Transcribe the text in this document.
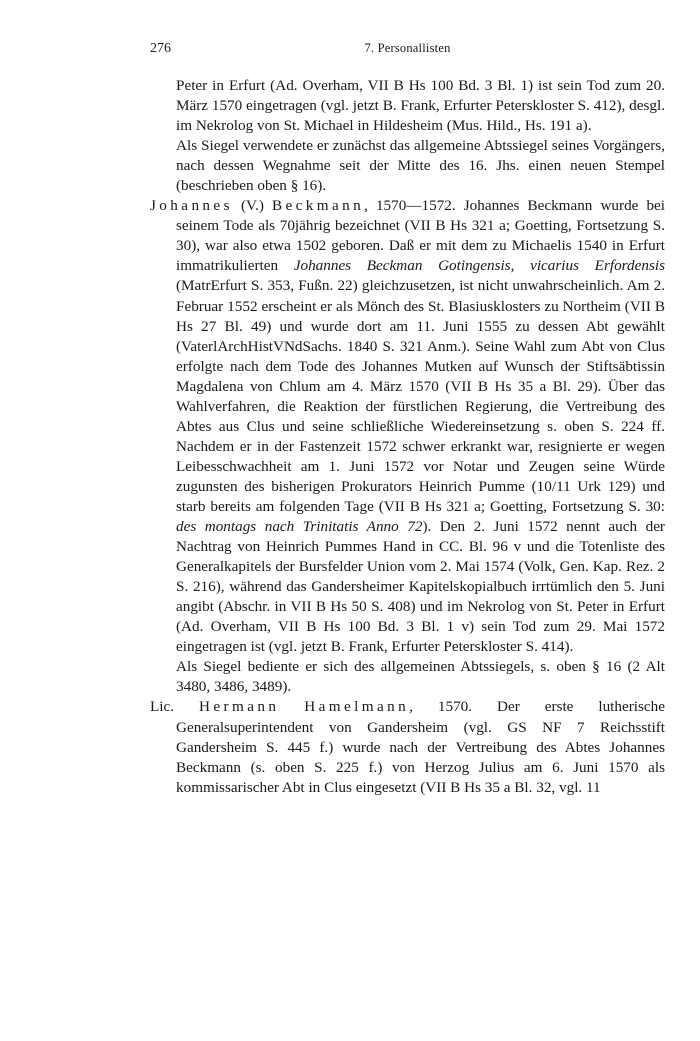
276	7. Personallisten

Peter in Erfurt (Ad. Overham, VII B Hs 100 Bd. 3 Bl. 1) ist sein Tod zum 20. März 1570 eingetragen (vgl. jetzt B. Frank, Erfurter Peterskloster S. 412), desgl. im Nekrolog von St. Michael in Hildesheim (Mus. Hild., Hs. 191 a).

Als Siegel verwendete er zunächst das allgemeine Abtssiegel seines Vorgängers, nach dessen Wegnahme seit der Mitte des 16. Jhs. einen neuen Stempel (beschrieben oben § 16).

Johannes (V.) Beckmann, 1570—1572. Johannes Beckmann wurde bei seinem Tode als 70jährig bezeichnet (VII B Hs 321 a; Goetting, Fortsetzung S. 30), war also etwa 1502 geboren. Daß er mit dem zu Michaelis 1540 in Erfurt immatrikulierten Johannes Beckman Gotingensis, vicarius Erfordensis (MatrErfurt S. 353, Fußn. 22) gleichzusetzen, ist nicht unwahrscheinlich. Am 2. Februar 1552 erscheint er als Mönch des St. Blasiusklosters zu Northeim (VII B Hs 27 Bl. 49) und wurde dort am 11. Juni 1555 zu dessen Abt gewählt (VaterlArchHistVNdSachs. 1840 S. 321 Anm.). Seine Wahl zum Abt von Clus erfolgte nach dem Tode des Johannes Mutken auf Wunsch der Stiftsäbtissin Magdalena von Chlum am 4. März 1570 (VII B Hs 35 a Bl. 29). Über das Wahlverfahren, die Reaktion der fürstlichen Regierung, die Vertreibung des Abtes aus Clus und seine schließliche Wiedereinsetzung s. oben S. 224 ff. Nachdem er in der Fastenzeit 1572 schwer erkrankt war, resignierte er wegen Leibesschwachheit am 1. Juni 1572 vor Notar und Zeugen seine Würde zugunsten des bisherigen Prokurators Heinrich Pumme (10/11 Urk 129) und starb bereits am folgenden Tage (VII B Hs 321 a; Goetting, Fortsetzung S. 30: des montags nach Trinitatis Anno 72). Den 2. Juni 1572 nennt auch der Nachtrag von Heinrich Pummes Hand in CC. Bl. 96 v und die Totenliste des Generalkapitels der Bursfelder Union vom 2. Mai 1574 (Volk, Gen. Kap. Rez. 2 S. 216), während das Gandersheimer Kapitelskopialbuch irrtümlich den 5. Juni angibt (Abschr. in VII B Hs 50 S. 408) und im Nekrolog von St. Peter in Erfurt (Ad. Overham, VII B Hs 100 Bd. 3 Bl. 1 v) sein Tod zum 29. Mai 1572 eingetragen ist (vgl. jetzt B. Frank, Erfurter Peterskloster S. 414).

Als Siegel bediente er sich des allgemeinen Abtssiegels, s. oben § 16 (2 Alt 3480, 3486, 3489).

Lic. Hermann Hamelmann, 1570. Der erste lutherische Generalsuperintendent von Gandersheim (vgl. GS NF 7 Reichsstift Gandersheim S. 445 f.) wurde nach der Vertreibung des Abtes Johannes Beckmann (s. oben S. 225 f.) von Herzog Julius am 6. Juni 1570 als kommissarischer Abt in Clus eingesetzt (VII B Hs 35 a Bl. 32, vgl. 11
